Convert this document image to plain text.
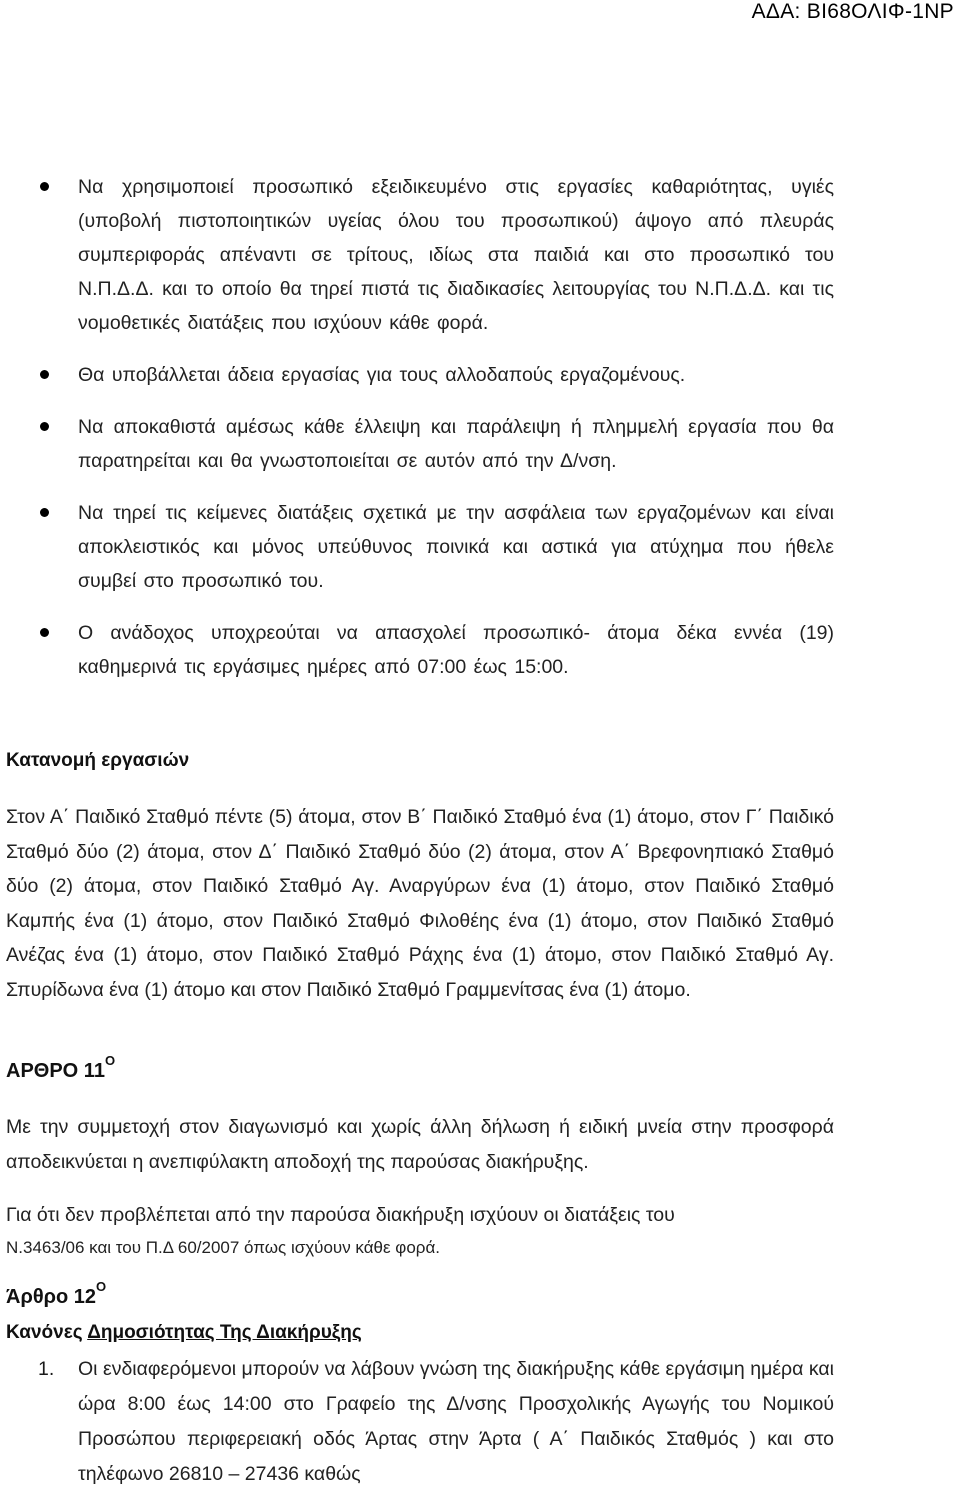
ΑΔΑ: ΒΙ68ΟΛΙΦ-1ΝΡ
Να χρησιμοποιεί προσωπικό εξειδικευμένο στις εργασίες καθαριότητας, υγιές (υποβολή πιστοποιητικών υγείας όλου του προσωπικού) άψογο από πλευράς συμπεριφοράς απέναντι σε τρίτους, ιδίως στα παιδιά και στο προσωπικό του Ν.Π.Δ.Δ. και το οποίο θα τηρεί πιστά τις διαδικασίες λειτουργίας του Ν.Π.Δ.Δ. και τις νομοθετικές διατάξεις που ισχύουν κάθε φορά.
Θα υποβάλλεται άδεια εργασίας για τους αλλοδαπούς εργαζομένους.
Να αποκαθιστά αμέσως κάθε έλλειψη και παράλειψη ή πλημμελή εργασία που θα παρατηρείται και θα γνωστοποιείται σε αυτόν από την Δ/νση.
Να τηρεί τις κείμενες διατάξεις σχετικά με την ασφάλεια των εργαζομένων και είναι αποκλειστικός και μόνος υπεύθυνος ποινικά και αστικά για ατύχημα που ήθελε συμβεί στο προσωπικό του.
Ο ανάδοχος υποχρεούται να απασχολεί προσωπικό- άτομα δέκα εννέα (19) καθημερινά τις εργάσιμες ημέρες από 07:00 έως 15:00.
Κατανομή εργασιών
Στον Α΄ Παιδικό Σταθμό πέντε (5) άτομα, στον Β΄ Παιδικό Σταθμό ένα (1) άτομο, στον Γ΄ Παιδικό Σταθμό δύο (2) άτομα, στον Δ΄ Παιδικό Σταθμό δύο (2) άτομα, στον Α΄ Βρεφονηπιακό Σταθμό δύο (2) άτομα, στον Παιδικό Σταθμό Αγ. Αναργύρων ένα (1) άτομο, στον Παιδικό Σταθμό Καμπής ένα (1) άτομο, στον Παιδικό Σταθμό Φιλοθέης ένα (1) άτομο, στον Παιδικό Σταθμό Ανέζας ένα (1) άτομο, στον Παιδικό Σταθμό Ράχης ένα (1) άτομο, στον Παιδικό Σταθμό Αγ. Σπυρίδωνα ένα (1) άτομο και στον Παιδικό Σταθμό Γραμμενίτσας ένα (1) άτομο.
ΑΡΘΡΟ $11^O$
Με την συμμετοχή στον διαγωνισμό και χωρίς άλλη δήλωση ή ειδική μνεία στην προσφορά αποδεικνύεται η ανεπιφύλακτη αποδοχή της παρούσας διακήρυξης.
Για ότι δεν προβλέπεται από την παρούσα διακήρυξη ισχύουν οι διατάξεις του
Ν.3463/06 και του Π.Δ 60/2007 όπως ισχύουν κάθε φορά.
Άρθρο $12^O$
Κανόνες Δημοσιότητας Της Διακήρυξης
1.	Οι ενδιαφερόμενοι μπορούν να λάβουν γνώση της διακήρυξης κάθε εργάσιμη ημέρα και ώρα 8:00 έως 14:00 στο Γραφείο της Δ/νσης Προσχολικής Αγωγής του Νομικού Προσώπου περιφερειακή οδός Άρτας στην Άρτα ( Α΄ Παιδικός Σταθμός ) και στο τηλέφωνο 26810 – 27436 καθώς
